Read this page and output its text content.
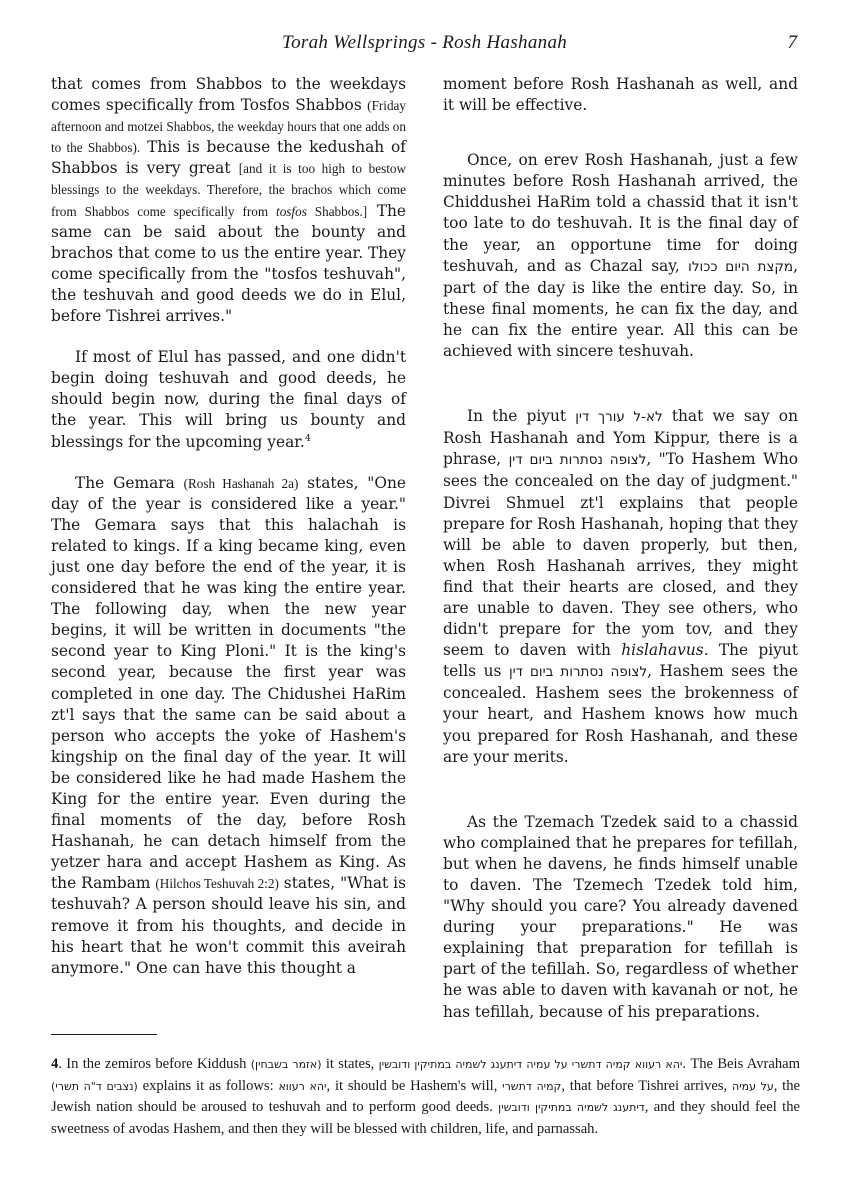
Torah Wellsprings - Rosh Hashanah	7

that comes from Shabbos to the weekdays comes specifically from Tosfos Shabbos (Friday afternoon and motzei Shabbos, the weekday hours that one adds on to the Shabbos). This is because the kedushah of Shabbos is very great [and it is too high to bestow blessings to the weekdays. Therefore, the brachos which come from Shabbos come specifically from tosfos Shabbos.] The same can be said about the bounty and brachos that come to us the entire year. They come specifically from the "tosfos teshuvah", the teshuvah and good deeds we do in Elul, before Tishrei arrives."

If most of Elul has passed, and one didn't begin doing teshuvah and good deeds, he should begin now, during the final days of the year. This will bring us bounty and blessings for the upcoming year.$^4$

The Gemara (Rosh Hashanah 2a) states, "One day of the year is considered like a year." The Gemara says that this halachah is related to kings. If a king became king, even just one day before the end of the year, it is considered that he was king the entire year. The following day, when the new year begins, it will be written in documents "the second year to King Ploni." It is the king's second year, because the first year was completed in one day. The Chidushei HaRim zt'l says that the same can be said about a person who accepts the yoke of Hashem's kingship on the final day of the year. It will be considered like he had made Hashem the King for the entire year. Even during the final moments of the day, before Rosh Hashanah, he can detach himself from the yetzer hara and accept Hashem as King. As the Rambam (Hilchos Teshuvah 2:2) states, "What is teshuvah? A person should leave his sin, and remove it from his thoughts, and decide in his heart that he won't commit this aveirah anymore." One can have this thought a

moment before Rosh Hashanah as well, and it will be effective.

Once, on erev Rosh Hashanah, just a few minutes before Rosh Hashanah arrived, the Chiddushei HaRim told a chassid that it isn't too late to do teshuvah. It is the final day of the year, an opportune time for doing teshuvah, and as Chazal say, מקצת היום ככולו, part of the day is like the entire day. So, in these final moments, he can fix the day, and he can fix the entire year. All this can be achieved with sincere teshuvah.

In the piyut לא-ל עורך דין that we say on Rosh Hashanah and Yom Kippur, there is a phrase, לצופה נסתרות ביום דין, "To Hashem Who sees the concealed on the day of judgment." Divrei Shmuel zt'l explains that people prepare for Rosh Hashanah, hoping that they will be able to daven properly, but then, when Rosh Hashanah arrives, they might find that their hearts are closed, and they are unable to daven. They see others, who didn't prepare for the yom tov, and they seem to daven with hislahavus. The piyut tells us לצופה נסתרות ביום דין, Hashem sees the concealed. Hashem sees the brokenness of your heart, and Hashem knows how much you prepared for Rosh Hashanah, and these are your merits.

As the Tzemach Tzedek said to a chassid who complained that he prepares for tefillah, but when he davens, he finds himself unable to daven. The Tzemech Tzedek told him, "Why should you care? You already davened during your preparations." He was explaining that preparation for tefillah is part of the tefillah. So, regardless of whether he was able to daven with kavanah or not, he has tefillah, because of his preparations.

4. In the zemiros before Kiddush (אזמר בשבחין) it states, יהא רעווא קמיה דתשרי על עמיה דיתענג לשמיה במתיקין ודובשין. The Beis Avraham (נצבים ד"ה תשרי) explains it as follows: יהא רעווא, it should be Hashem's will, קמיה דתשרי, that before Tishrei arrives, על עמיה, the Jewish nation should be aroused to teshuvah and to perform good deeds. דיתענג לשמיה במתיקין ודובשין, and they should feel the sweetness of avodas Hashem, and then they will be blessed with children, life, and parnassah.
